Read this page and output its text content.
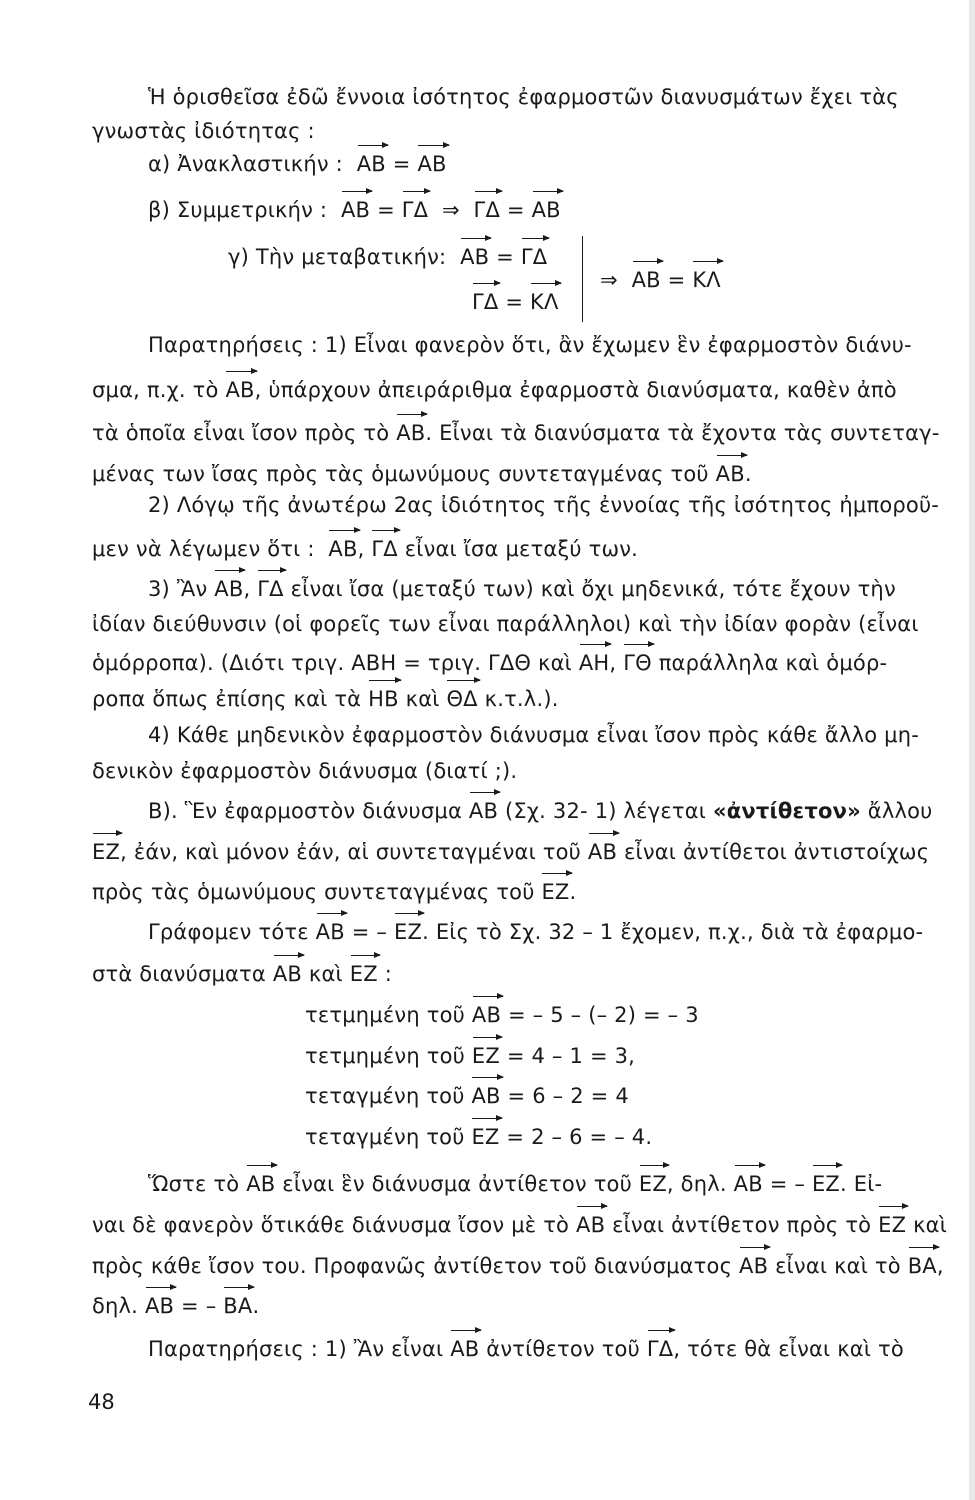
Ἡ ὁρισθεῖσα ἐδῶ ἔννοια ἰσότητος ἐφαρμοστῶν διανυσμάτων ἔχει τὰς
γνωστὰς ἰδιότητας :
α) Ἀνακλαστικήν : ΑΒ = ΑΒ
β) Συμμετρικήν : ΑΒ = ΓΔ ⇒ ΓΔ = ΑΒ
γ) Τὴν μεταβατικήν: ΑΒ = ΓΔ
ΓΔ = ΚΛ
⇒ ΑΒ = ΚΛ
Παρατηρήσεις : 1) Εἶναι φανερὸν ὅτι, ἂν ἔχωμεν ἓν ἐφαρμοστὸν διάνυ-
σμα, π.χ. τὸ ΑΒ, ὑπάρχουν ἀπειράριθμα ἐφαρμοστὰ διανύσματα, καθὲν ἀπὸ
τὰ ὁποῖα εἶναι ἴσον πρὸς τὸ ΑΒ. Εἶναι τὰ διανύσματα τὰ ἔχοντα τὰς συντεταγ-
μένας των ἴσας πρὸς τὰς ὁμωνύμους συντεταγμένας τοῦ ΑΒ.
2) Λόγῳ τῆς ἀνωτέρω 2ας ἰδιότητος τῆς ἐννοίας τῆς ἰσότητος ἠμποροῦ-
μεν νὰ λέγωμεν ὅτι : ΑΒ, ΓΔ εἶναι ἴσα μεταξύ των.
3) Ἂν ΑΒ, ΓΔ εἶναι ἴσα (μεταξύ των) καὶ ὄχι μηδενικά, τότε ἔχουν τὴν
ἰδίαν διεύθυνσιν (οἱ φορεῖς των εἶναι παράλληλοι) καὶ τὴν ἰδίαν φορὰν (εἶναι
ὁμόρροπα). (Διότι τριγ. ΑΒΗ = τριγ. ΓΔΘ καὶ ΑΗ, ΓΘ παράλληλα καὶ ὁμόρ-
ροπα ὅπως ἐπίσης καὶ τὰ ΗΒ καὶ ΘΔ κ.τ.λ.).
4) Κάθε μηδενικὸν ἐφαρμοστὸν διάνυσμα εἶναι ἴσον πρὸς κάθε ἄλλο μη-
δενικὸν ἐφαρμοστὸν διάνυσμα (διατί ;).
Β). Ἓν ἐφαρμοστὸν διάνυσμα ΑΒ (Σχ. 32- 1) λέγεται «ἀντίθετον» ἄλλου
ΕΖ, ἐάν, καὶ μόνον ἐάν, αἱ συντεταγμέναι τοῦ ΑΒ εἶναι ἀντίθετοι ἀντιστοίχως
πρὸς τὰς ὁμωνύμους συντεταγμένας τοῦ ΕΖ.
Γράφομεν τότε ΑΒ = – ΕΖ. Εἰς τὸ Σχ. 32 – 1 ἔχομεν, π.χ., διὰ τὰ ἐφαρμο-
στὰ διανύσματα ΑΒ καὶ ΕΖ :
τετμημένη τοῦ ΑΒ = – 5 – (– 2) = – 3
τετμημένη τοῦ ΕΖ = 4 – 1 = 3,
τεταγμένη τοῦ ΑΒ = 6 – 2 = 4
τεταγμένη τοῦ ΕΖ = 2 – 6 = – 4.
Ὥστε τὸ ΑΒ εἶναι ἓν διάνυσμα ἀντίθετον τοῦ ΕΖ, δηλ. ΑΒ = – ΕΖ. Εἰ-
ναι δὲ φανερὸν ὅτικάθε διάνυσμα ἴσον μὲ τὸ ΑΒ εἶναι ἀντίθετον πρὸς τὸ ΕΖ καὶ
πρὸς κάθε ἴσον του. Προφανῶς ἀντίθετον τοῦ διανύσματος ΑΒ εἶναι καὶ τὸ ΒΑ,
δηλ. ΑΒ = – ΒΑ.
Παρατηρήσεις : 1) Ἂν εἶναι ΑΒ ἀντίθετον τοῦ ΓΔ, τότε θὰ εἶναι καὶ τὸ
48
